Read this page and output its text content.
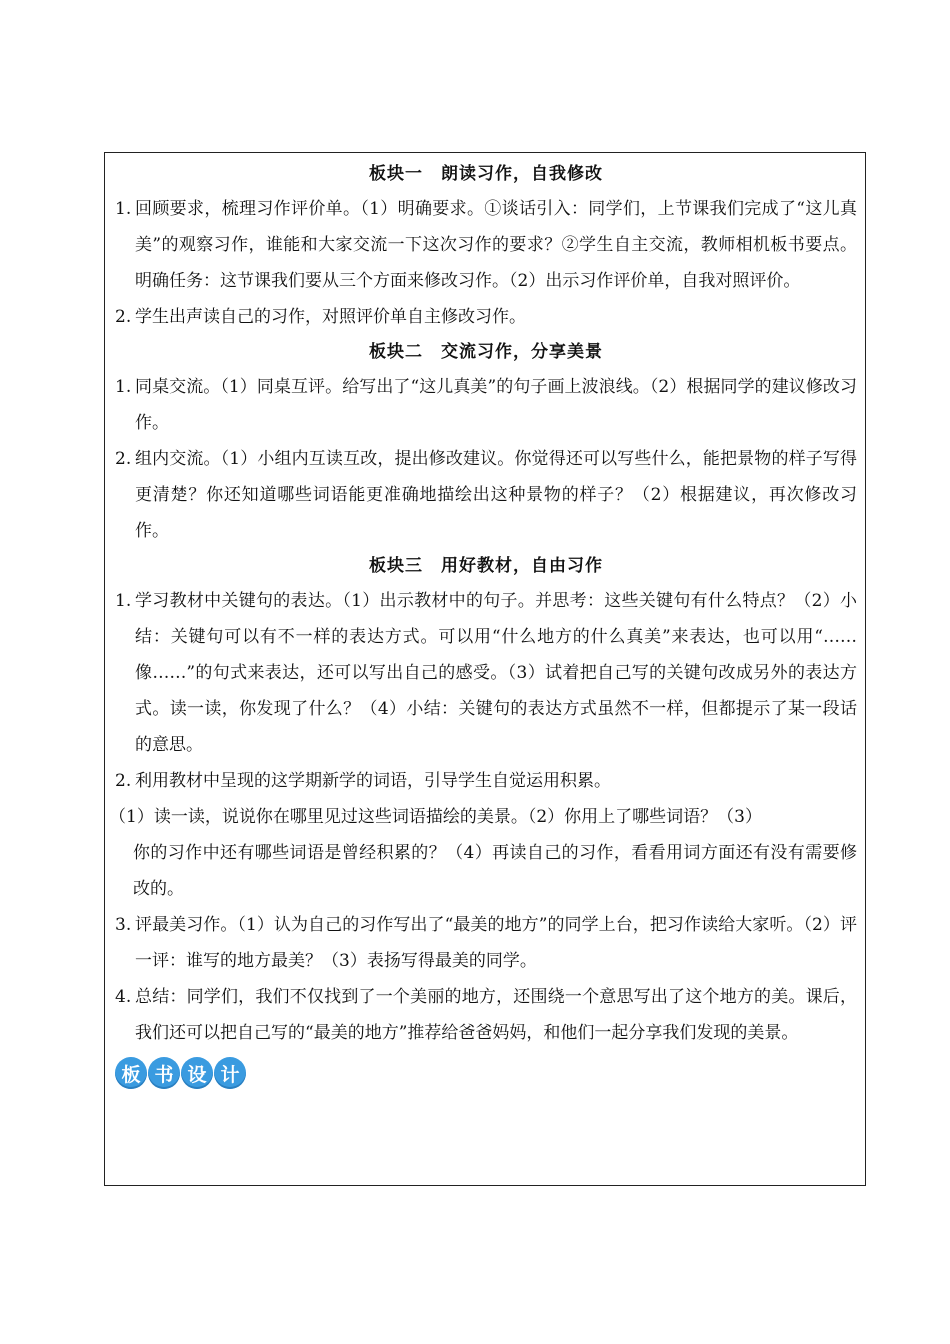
板块一　朗读习作，自我修改
1. 回顾要求，梳理习作评价单。（1）明确要求。①谈话引入：同学们，上节课我们完成了“这儿真美”的观察习作，谁能和大家交流一下这次习作的要求？②学生自主交流，教师相机板书要点。明确任务：这节课我们要从三个方面来修改习作。（2）出示习作评价单，自我对照评价。

2. 学生出声读自己的习作，对照评价单自主修改习作。

板块二　交流习作，分享美景
1. 同桌交流。（1）同桌互评。给写出了“这儿真美”的句子画上波浪线。（2）根据同学的建议修改习作。

2. 组内交流。（1）小组内互读互改，提出修改建议。你觉得还可以写些什么，能把景物的样子写得更清楚？你还知道哪些词语能更准确地描绘出这种景物的样子？（2）根据建议，再次修改习作。

板块三　用好教材，自由习作
1. 学习教材中关键句的表达。（1）出示教材中的句子。并思考：这些关键句有什么特点？（2）小结：关键句可以有不一样的表达方式。可以用“什么地方的什么真美”来表达，也可以用“……像……”的句式来表达，还可以写出自己的感受。（3）试着把自己写的关键句改成另外的表达方式。读一读，你发现了什么？（4）小结：关键句的表达方式虽然不一样，但都提示了某一段话的意思。

2. 利用教材中呈现的这学期新学的词语，引导学生自觉运用积累。

（1）读一读，说说你在哪里见过这些词语描绘的美景。（2）你用上了哪些词语？（3）
你的习作中还有哪些词语是曾经积累的？（4）再读自己的习作，看看用词方面还有没有需要修改的。
3. 评最美习作。（1）认为自己的习作写出了“最美的地方”的同学上台，把习作读给大家听。（2）评一评：谁写的地方最美？（3）表扬写得最美的同学。

4. 总结：同学们，我们不仅找到了一个美丽的地方，还围绕一个意思写出了这个地方的美。课后，我们还可以把自己写的“最美的地方”推荐给爸爸妈妈，和他们一起分享我们发现的美景。

板 书 设 计
